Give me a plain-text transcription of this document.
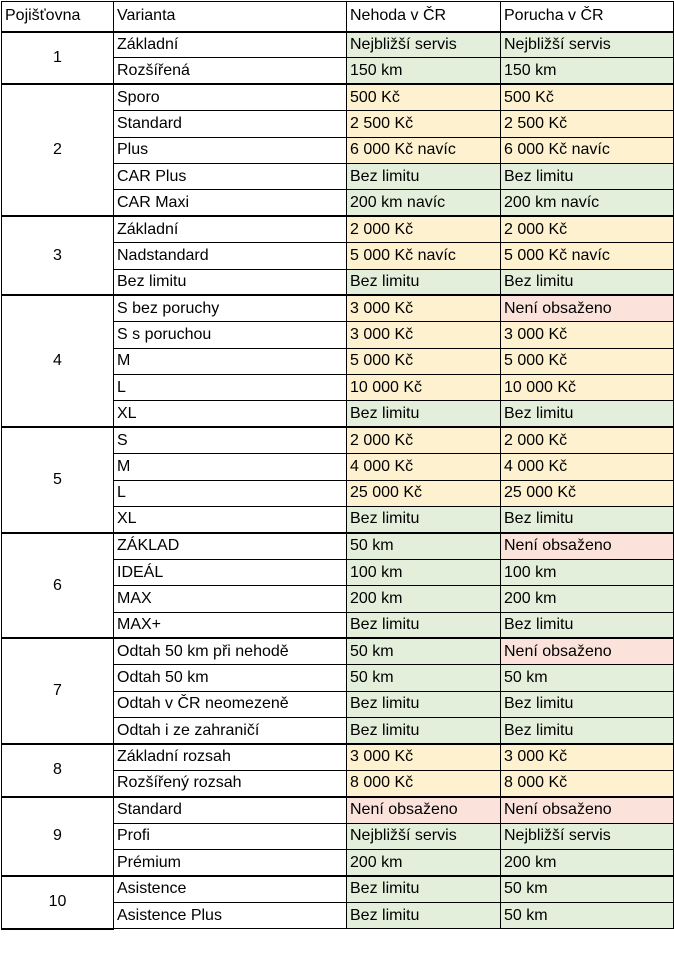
Pojišťovna	Varianta	Nehoda v ČR	Porucha v ČR
1	Základní	Nejbližší servis	Nejbližší servis
	Rozšířená	150 km	150 km
2	Sporo	500 Kč	500 Kč
	Standard	2 500 Kč	2 500 Kč
	Plus	6 000 Kč navíc	6 000 Kč navíc
	CAR Plus	Bez limitu	Bez limitu
	CAR Maxi	200 km navíc	200 km navíc
3	Základní	2 000 Kč	2 000 Kč
	Nadstandard	5 000 Kč navíc	5 000 Kč navíc
	Bez limitu	Bez limitu	Bez limitu
4	S bez poruchy	3 000 Kč	Není obsaženo
	S s poruchou	3 000 Kč	3 000 Kč
	M	5 000 Kč	5 000 Kč
	L	10 000 Kč	10 000 Kč
	XL	Bez limitu	Bez limitu
5	S	2 000 Kč	2 000 Kč
	M	4 000 Kč	4 000 Kč
	L	25 000 Kč	25 000 Kč
	XL	Bez limitu	Bez limitu
6	ZÁKLAD	50 km	Není obsaženo
	IDEÁL	100 km	100 km
	MAX	200 km	200 km
	MAX+	Bez limitu	Bez limitu
7	Odtah 50 km při nehodě	50 km	Není obsaženo
	Odtah 50 km	50 km	50 km
	Odtah v ČR neomezeně	Bez limitu	Bez limitu
	Odtah i ze zahraničí	Bez limitu	Bez limitu
8	Základní rozsah	3 000 Kč	3 000 Kč
	Rozšířený rozsah	8 000 Kč	8 000 Kč
9	Standard	Není obsaženo	Není obsaženo
	Profi	Nejbližší servis	Nejbližší servis
	Prémium	200 km	200 km
10	Asistence	Bez limitu	50 km
	Asistence Plus	Bez limitu	50 km
